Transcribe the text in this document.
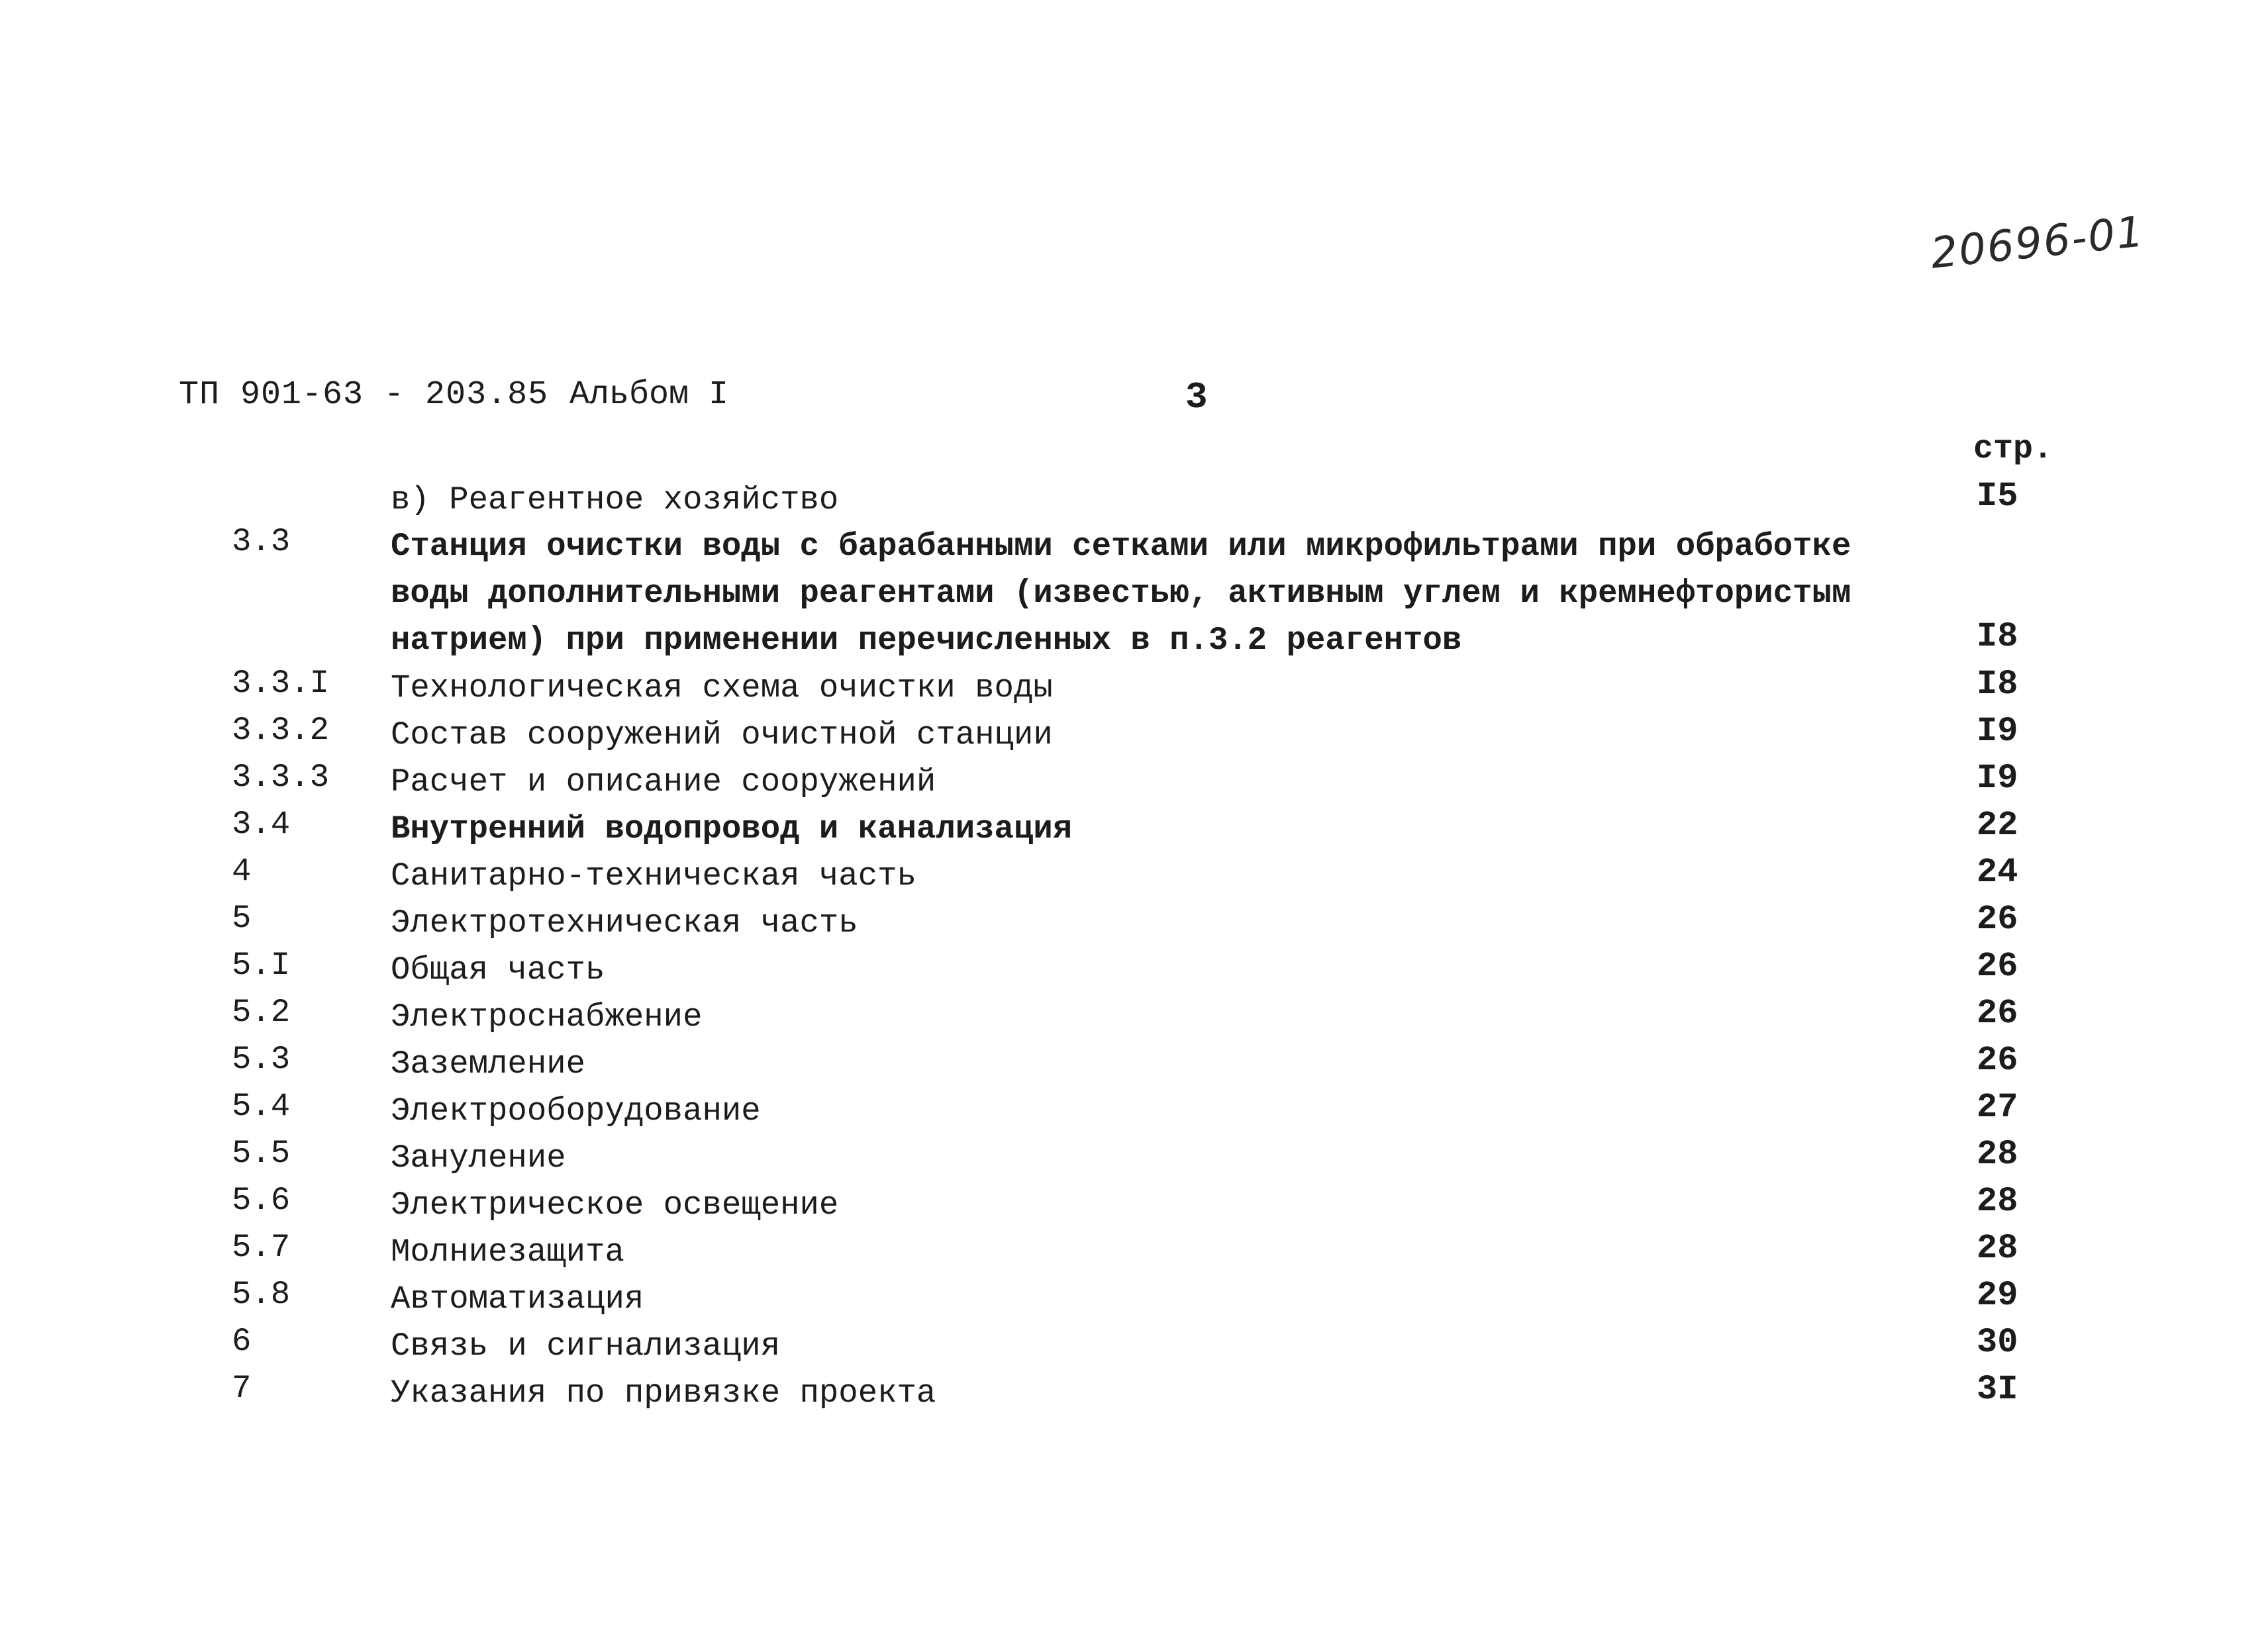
20696-01
ТП 901-63 - 203.85 Альбом I	3
стр.
в) Реагентное хозяйство	I5
3.3	Станция очистки воды с барабанными сетками или микрофильтрами при обработке
воды дополнительными реагентами (известью, активным углем и кремнефтористым
натрием) при применении перечисленных в п.3.2 реагентов	I8
3.3.I Технологическая схема очистки воды	I8
3.3.2 Состав сооружений очистной станции	I9
3.3.3 Расчет и описание сооружений	I9
3.4	Внутренний водопровод и канализация	22
4	Санитарно-техническая часть	24
5	Электротехническая часть	26
5.I	Общая часть	26
5.2	Электроснабжение	26
5.3	Заземление	26
5.4	Электрооборудование	27
5.5	Зануление	28
5.6	Электрическое освещение	28
5.7	Молниезащита	28
5.8	Автоматизация	29
6	Связь и сигнализация	30
7	Указания по привязке проекта	3I
